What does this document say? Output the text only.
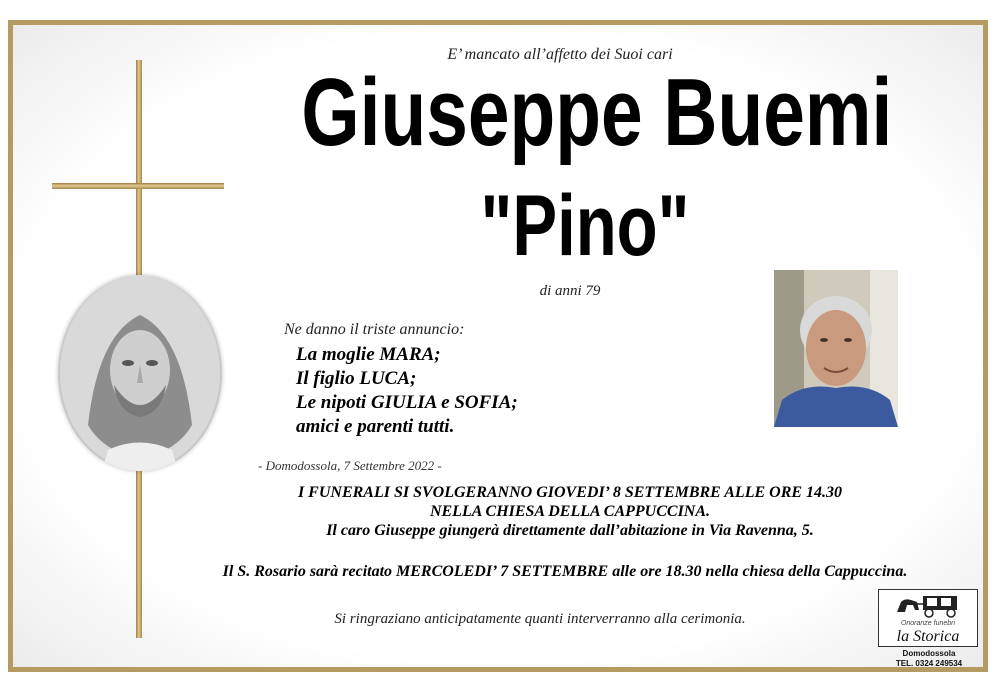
E’ mancato all’affetto dei Suoi cari
Giuseppe Buemi
"Pino"
di anni 79
Ne danno il triste annuncio:
La moglie MARA;
Il figlio LUCA;
Le nipoti GIULIA e SOFIA;
amici e parenti tutti.
- Domodossola, 7 Settembre 2022 -
I FUNERALI SI SVOLGERANNO GIOVEDI’ 8 SETTEMBRE ALLE ORE 14.30
NELLA CHIESA DELLA CAPPUCCINA.
Il caro Giuseppe giungerà direttamente dall’abitazione in Via Ravenna, 5.
Il S. Rosario sarà recitato MERCOLEDI’ 7 SETTEMBRE alle ore 18.30 nella chiesa della Cappuccina.
Si ringraziano anticipatamente quanti interverranno alla cerimonia.	Onoranze funebri
la Storica
Domodossola
TEL. 0324 249534
